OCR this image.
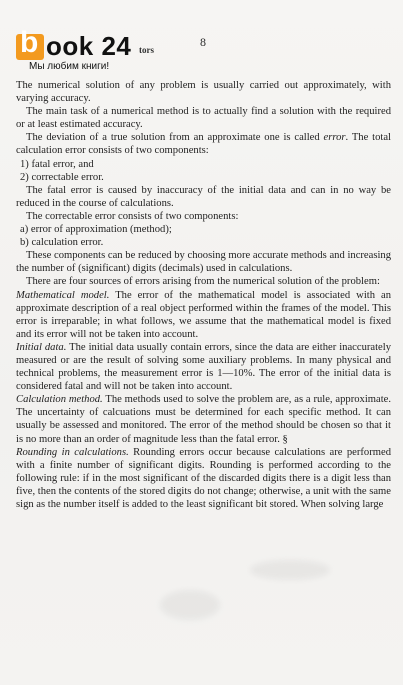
b ook 24
Мы любим книги!
tors
8

The numerical solution of any problem is usually carried out approximately, with varying accuracy.

The main task of a numerical method is to actually find a solution with the required or at least estimated accuracy.

The deviation of a true solution from an approximate one is called error. The total calculation error consists of two components:

1) fatal error, and

2) correctable error.

The fatal error is caused by inaccuracy of the initial data and can in no way be reduced in the course of calculations.

The correctable error consists of two components:

a) error of approximation (method);

b) calculation error.

These components can be reduced by choosing more accurate methods and increasing the number of (significant) digits (decimals) used in calculations.

There are four sources of errors arising from the numerical solution of the problem:

Mathematical model. The error of the mathematical model is associated with an approximate description of a real object performed within the frames of the model. This error is irreparable; in what follows, we assume that the mathematical model is fixed and its error will not be taken into account.

Initial data. The initial data usually contain errors, since the data are either inaccurately measured or are the result of solving some auxiliary problems. In many physical and technical problems, the measurement error is 1—10%. The error of the initial data is considered fatal and will not be taken into account.

Calculation method. The methods used to solve the problem are, as a rule, approximate. The uncertainty of calcuations must be determined for each specific method. It can usually be assessed and monitored. The error of the method should be chosen so that it is no more than an order of magnitude less than the fatal error. §

Rounding in calculations. Rounding errors occur because calculations are performed with a finite number of significant digits. Rounding is performed according to the following rule: if in the most significant of the discarded digits there is a digit less than five, then the contents of the stored digits do not change; otherwise, a unit with the same sign as the number itself is added to the least significant bit stored. When solving large
